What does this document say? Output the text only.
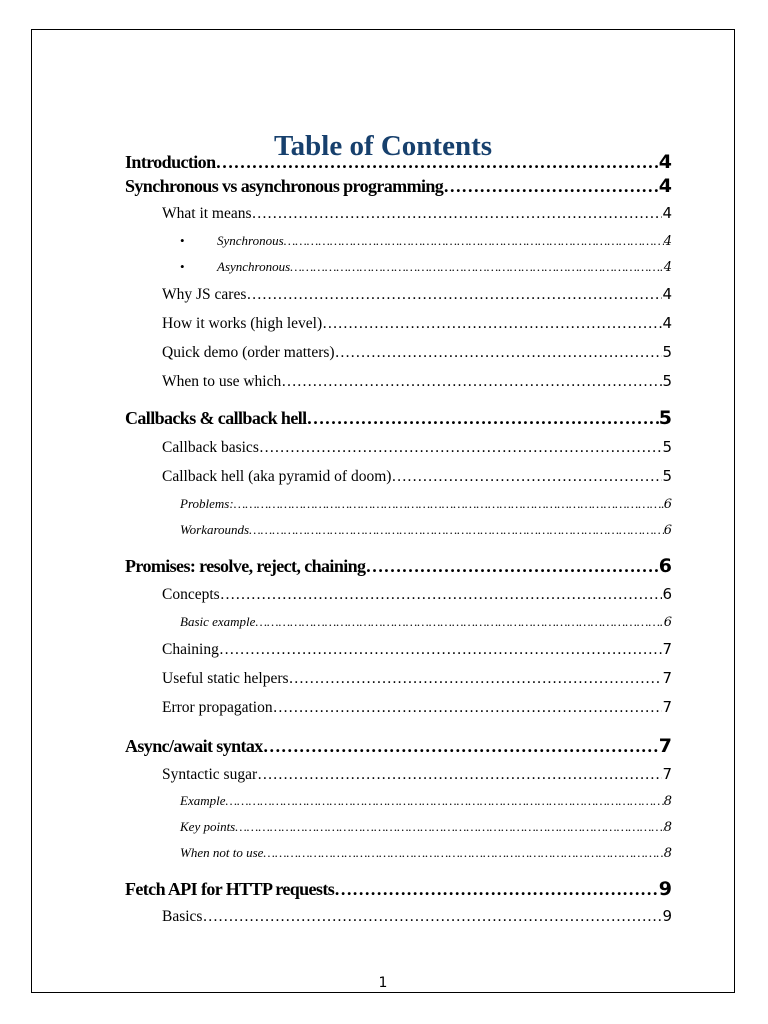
Table of Contents
Introduction ……………………………………………………………………………………………………………………………………………………………………………………………………………………	4
Synchronous vs asynchronous programming ……………………………………………………………………………………………………………………………………………………………………………………………………………………	4
What it means ……………………………………………………………………………………………………………………………………………………………………………………………………………………	4
• Synchronous ……………………………………………………………………………………………………………………………………………………………………………………………………………………	4
• Asynchronous ……………………………………………………………………………………………………………………………………………………………………………………………………………………	4
Why JS cares ……………………………………………………………………………………………………………………………………………………………………………………………………………………	4
How it works (high level) ……………………………………………………………………………………………………………………………………………………………………………………………………………………	4
Quick demo (order matters) ……………………………………………………………………………………………………………………………………………………………………………………………………………………	5
When to use which ……………………………………………………………………………………………………………………………………………………………………………………………………………………	5
Callbacks & callback hell ……………………………………………………………………………………………………………………………………………………………………………………………………………………	5
Callback basics ……………………………………………………………………………………………………………………………………………………………………………………………………………………	5
Callback hell (aka pyramid of doom) ……………………………………………………………………………………………………………………………………………………………………………………………………………………	5
Problems: ……………………………………………………………………………………………………………………………………………………………………………………………………………………	6
Workarounds ……………………………………………………………………………………………………………………………………………………………………………………………………………………	6
Promises: resolve, reject, chaining ……………………………………………………………………………………………………………………………………………………………………………………………………………………	6
Concepts ……………………………………………………………………………………………………………………………………………………………………………………………………………………	6
Basic example ……………………………………………………………………………………………………………………………………………………………………………………………………………………	6
Chaining ……………………………………………………………………………………………………………………………………………………………………………………………………………………	7
Useful static helpers ……………………………………………………………………………………………………………………………………………………………………………………………………………………	7
Error propagation ……………………………………………………………………………………………………………………………………………………………………………………………………………………	7
Async/await syntax ……………………………………………………………………………………………………………………………………………………………………………………………………………………	7
Syntactic sugar ……………………………………………………………………………………………………………………………………………………………………………………………………………………	7
Example ……………………………………………………………………………………………………………………………………………………………………………………………………………………	8
Key points ……………………………………………………………………………………………………………………………………………………………………………………………………………………	8
When not to use ……………………………………………………………………………………………………………………………………………………………………………………………………………………	8
Fetch API for HTTP requests ……………………………………………………………………………………………………………………………………………………………………………………………………………………	9
Basics ……………………………………………………………………………………………………………………………………………………………………………………………………………………	9
1
